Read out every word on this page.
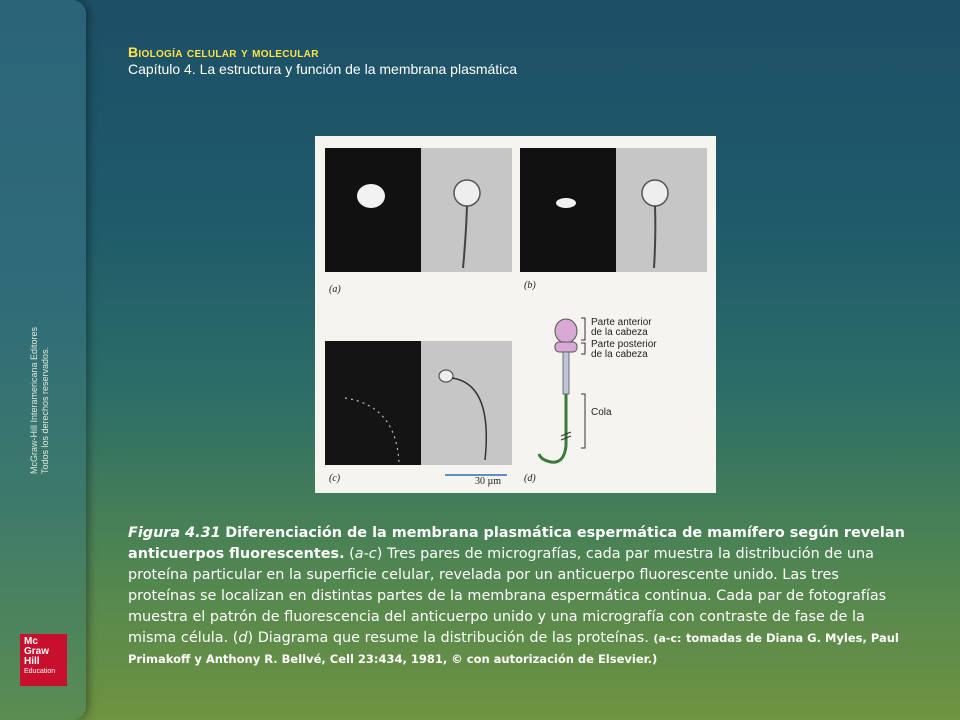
McGraw-Hill Interamericana Editores Todos los derechos reservados.
Mc
Graw
Hill
Education
Biología celular y molecular
Capítulo 4. La estructura y función de la membrana plasmática
(a)	(b)
(c)	(d)
30 µm
Parte anterior
de la cabeza
Parte posterior
de la cabeza
Cola
Figura 4.31 Diferenciación de la membrana plasmática espermática de mamífero según revelan anticuerpos fluorescentes. (a-c) Tres pares de micrografías, cada par muestra la distribución de una proteína particular en la superficie celular, revelada por un anticuerpo fluorescente unido. Las tres proteínas se localizan en distintas partes de la membrana espermática continua. Cada par de fotografías muestra el patrón de fluorescencia del anticuerpo unido y una micrografía con contraste de fase de la misma célula. (d) Diagrama que resume la distribución de las proteínas. (a-c: tomadas de Diana G. Myles, Paul Primakoff y Anthony R. Bellvé, Cell 23:434, 1981, © con autorización de Elsevier.)
